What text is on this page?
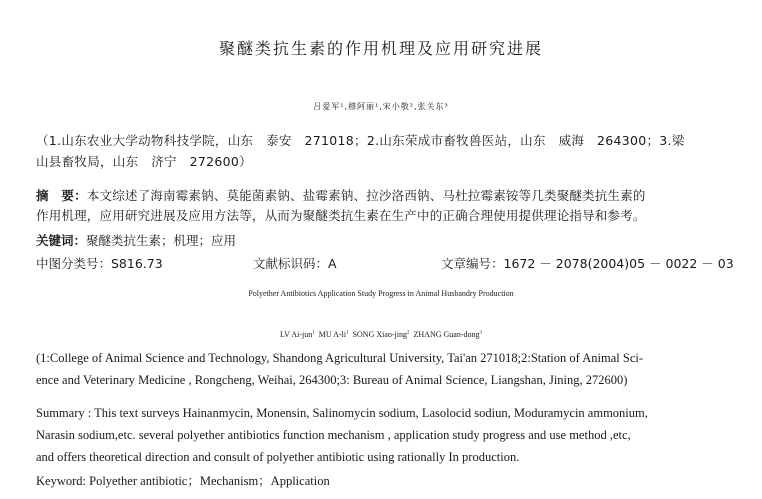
聚醚类抗生素的作用机理及应用研究进展

吕爱军¹,穆阿丽¹,宋小敬²,张关东³

（1.山东农业大学动物科技学院，山东　泰安　271018；2.山东荣成市畜牧兽医站，山东　威海　264300；3.梁

山县畜牧局，山东　济宁　272600）

摘　要：本文综述了海南霉素钠、莫能菌素钠、盐霉素钠、拉沙洛西钠、马杜拉霉素铵等几类聚醚类抗生素的

作用机理，应用研究进展及应用方法等，从而为聚醚类抗生素在生产中的正确合理使用提供理论指导和参考。

关键词：聚醚类抗生素；机理；应用

中图分类号：S816.73	文献标识码：A	文章编号：1672 － 2078(2004)05 － 0022 － 03

Polyether Antibiotics Application Study Progress in Animal Husbandry Production

LV Ai-jun$^1$ MU $A-li^1$ SONG Xiao-jing$^2$ ZHANG Guan-dong$^3$

(1:College of Animal Science and Technology, Shandong Agricultural University, Tai'an 271018;2:Station of Animal Sci-

ence and Veterinary Medicine , Rongcheng, Weihai, 264300;3: Bureau of Animal Science, Liangshan, Jining, 272600)

Summary : This text surveys Hainanmycin, Monensin, Salinomycin sodium, Lasolocid sodiun, Moduramycin ammonium,

Narasin sodium,etc. several polyether antibiotics function mechanism , application study progress and use method ,etc,

and offers theoretical direction and consult of polyether antibiotic using rationally In production.

Keyword: Polyether antibiotic；Mechanism；Application
